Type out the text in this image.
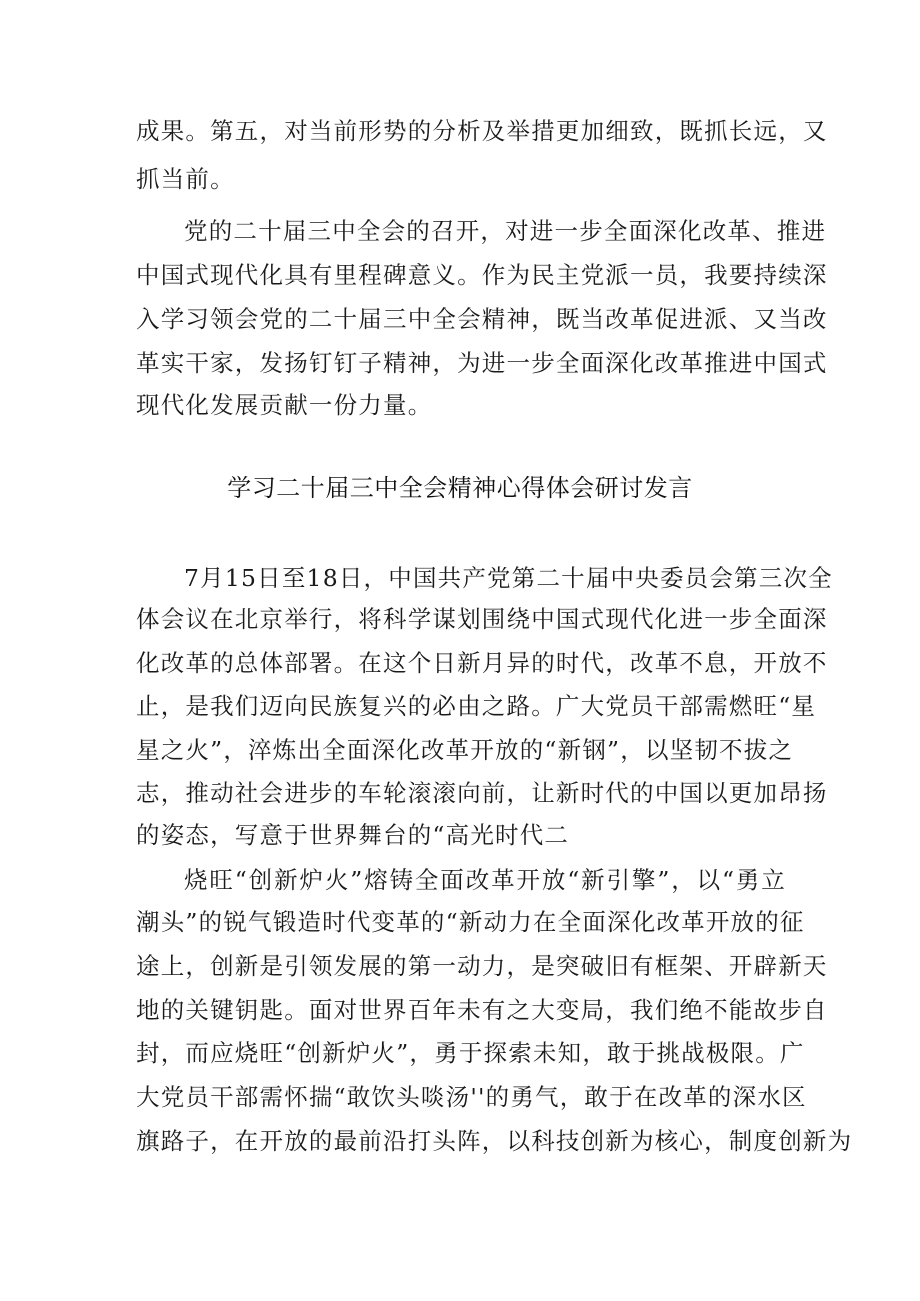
成果。第五，对当前形势的分析及举措更加细致，既抓长远，又
抓当前。
党的二十届三中全会的召开，对进一步全面深化改革、推进
中国式现代化具有里程碑意义。作为民主党派一员，我要持续深
入学习领会党的二十届三中全会精神，既当改革促进派、又当改
革实干家，发扬钉钉子精神，为进一步全面深化改革推进中国式
现代化发展贡献一份力量。
学习二十届三中全会精神心得体会研讨发言
7月15日至18日，中国共产党第二十届中央委员会第三次全
体会议在北京举行，将科学谋划围绕中国式现代化进一步全面深
化改革的总体部署。在这个日新月异的时代，改革不息，开放不
止，是我们迈向民族复兴的必由之路。广大党员干部需燃旺“星
星之火”，淬炼出全面深化改革开放的“新钢”，以坚韧不拔之
志，推动社会进步的车轮滚滚向前，让新时代的中国以更加昂扬
的姿态，写意于世界舞台的“高光时代二
烧旺“创新炉火”熔铸全面改革开放“新引擎”，以“勇立
潮头”的锐气锻造时代变革的“新动力在全面深化改革开放的征
途上，创新是引领发展的第一动力，是突破旧有框架、开辟新天
地的关键钥匙。面对世界百年未有之大变局，我们绝不能故步自
封，而应烧旺“创新炉火”，勇于探索未知，敢于挑战极限。广
大党员干部需怀揣“敢饮头啖汤''的勇气，敢于在改革的深水区
旗路子，在开放的最前沿打头阵，以科技创新为核心，制度创新为
